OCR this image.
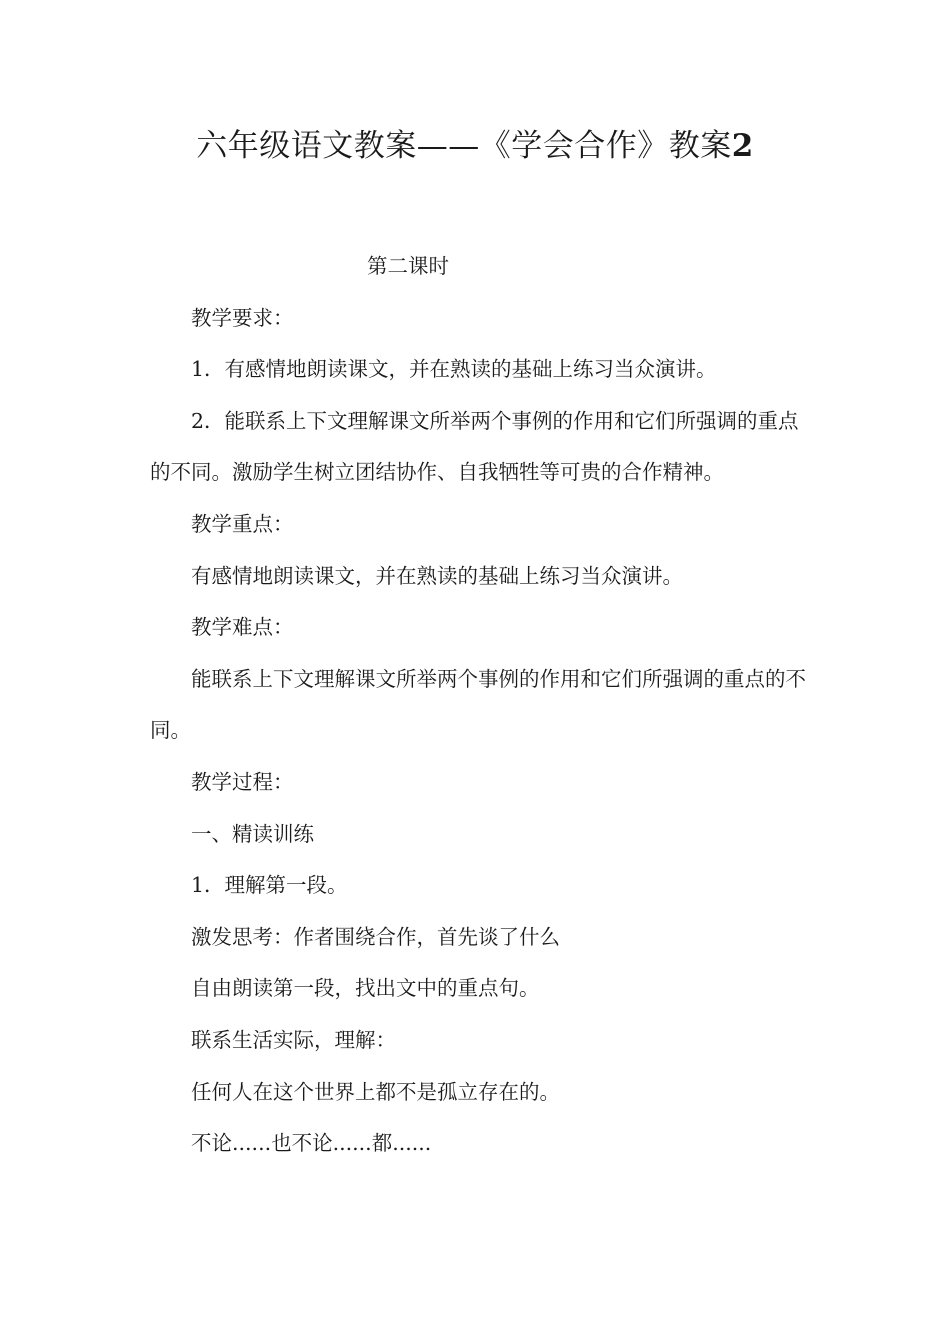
六年级语文教案——《学会合作》教案2

第二课时

教学要求：

1．有感情地朗读课文，并在熟读的基础上练习当众演讲。

2．能联系上下文理解课文所举两个事例的作用和它们所强调的重点的不同。激励学生树立团结协作、自我牺牲等可贵的合作精神。

教学重点：

有感情地朗读课文，并在熟读的基础上练习当众演讲。

教学难点：

能联系上下文理解课文所举两个事例的作用和它们所强调的重点的不同。

教学过程：

一、精读训练

1．理解第一段。

激发思考：作者围绕合作，首先谈了什么

自由朗读第一段，找出文中的重点句。

联系生活实际，理解：

任何人在这个世界上都不是孤立存在的。

不论......也不论......都......
